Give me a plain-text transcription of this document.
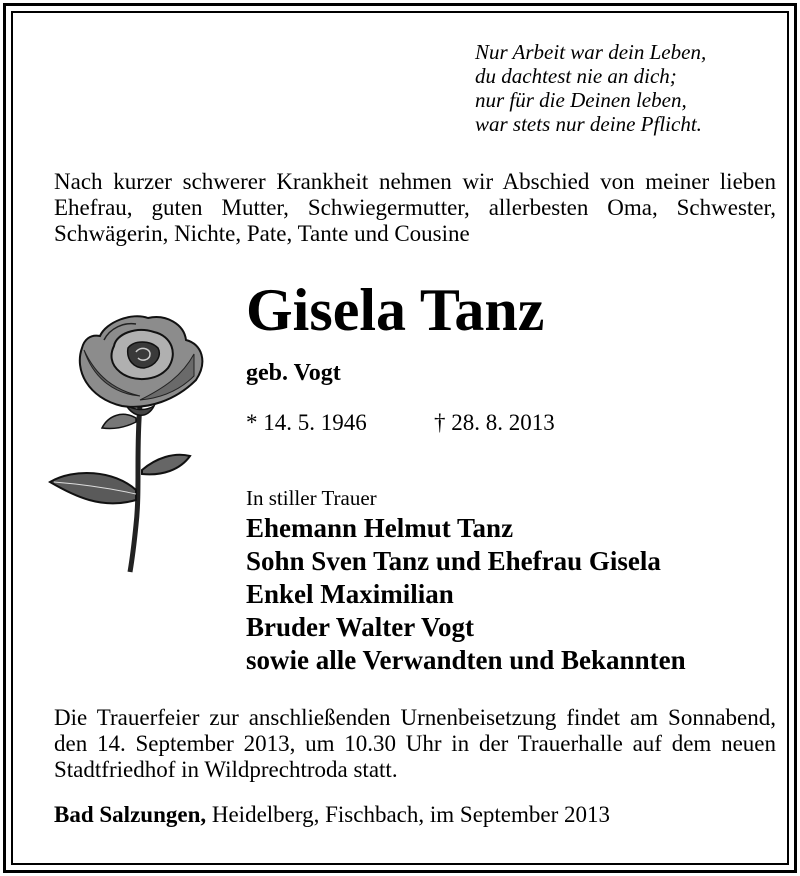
Nur Arbeit war dein Leben,
du dachtest nie an dich;
nur für die Deinen leben,
war stets nur deine Pflicht.
Nach kurzer schwerer Krankheit nehmen wir Abschied von meiner lieben Ehefrau, guten Mutter, Schwiegermutter, allerbesten Oma, Schwester, Schwägerin, Nichte, Pate, Tante und Cousine
Gisela Tanz
geb. Vogt
* 14. 5. 1946	† 28. 8. 2013
In stiller Trauer
Ehemann Helmut Tanz
Sohn Sven Tanz und Ehefrau Gisela
Enkel Maximilian
Bruder Walter Vogt
sowie alle Verwandten und Bekannten
Die Trauerfeier zur anschließenden Urnenbeisetzung findet am Sonnabend, den 14. September 2013, um 10.30 Uhr in der Trauerhalle auf dem neuen Stadtfriedhof in Wildprechtroda statt.
Bad Salzungen, Heidelberg, Fischbach, im September 2013
